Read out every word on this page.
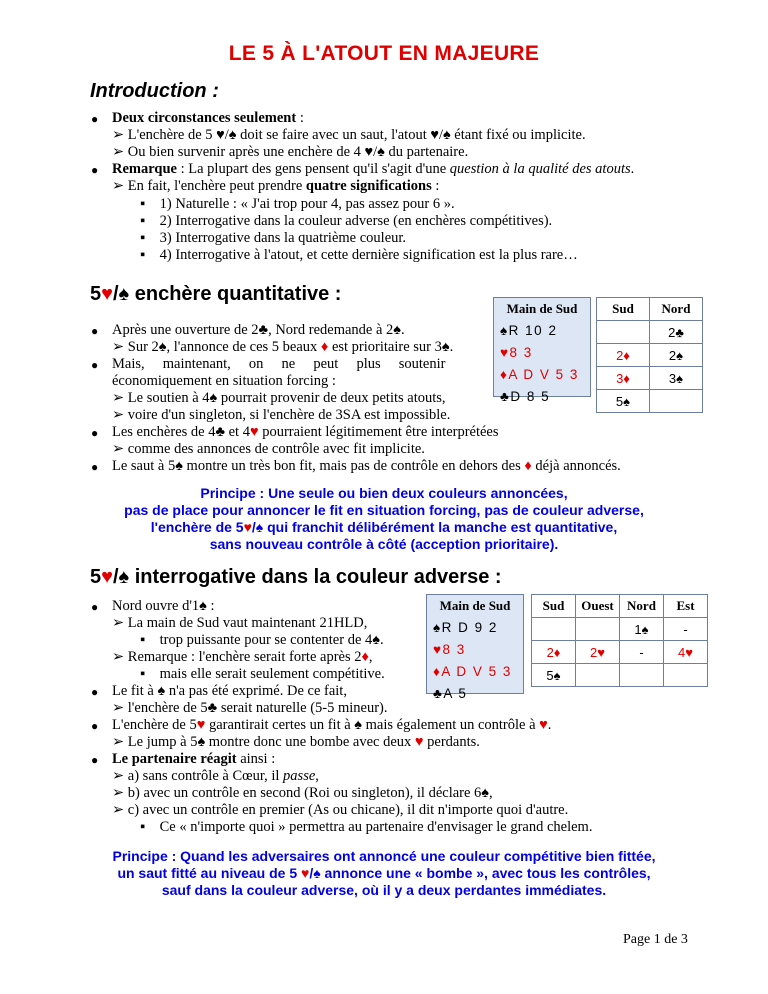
LE 5 À L'ATOUT EN MAJEURE
Introduction :
● Deux circonstances seulement :
➢ L'enchère de 5 ♥/♠ doit se faire avec un saut, l'atout ♥/♠ étant fixé ou implicite.
➢ Ou bien survenir après une enchère de 4 ♥/♠ du partenaire.
● Remarque : La plupart des gens pensent qu'il s'agit d'une question à la qualité des atouts.
➢ En fait, l'enchère peut prendre quatre significations :
▪    1) Naturelle : « J'ai trop pour 4, pas assez pour 6 ».
▪    2) Interrogative dans la couleur adverse (en enchères compétitives).
▪    3) Interrogative dans la quatrième couleur.
▪    4) Interrogative à l'atout, et cette dernière signification est la plus rare…
5♥/♠ enchère quantitative :
Main de Sud
♠R 10 2
♥8 3
♦A D V 5 3
♣D 8 5
Sud	Nord
	2♣
2♦	2♠
3♦	3♠
5♠	
● Après une ouverture de 2♣, Nord redemande à 2♠.
➢ Sur 2♠, l'annonce de ces 5 beaux ♦ est prioritaire sur 3♠.
● Mais,     maintenant,     on     ne     peut     plus     soutenir
économiquement en situation forcing :
➢ Le soutien à 4♠ pourrait provenir de deux petits atouts,
➢ voire d'un singleton, si l'enchère de 3SA est impossible.
● Les enchères de 4♣ et 4♥ pourraient légitimement être interprétées
➢ comme des annonces de contrôle avec fit implicite.
● Le saut à 5♠ montre un très bon fit, mais pas de contrôle en dehors des ♦ déjà annoncés.
Principe : Une seule ou bien deux couleurs annoncées,
pas de place pour annoncer le fit en situation forcing, pas de couleur adverse,
l'enchère de 5♥/♠ qui franchit délibérément la manche est quantitative,
sans nouveau contrôle à côté (acception prioritaire).
5♥/♠ interrogative dans la couleur adverse :
Main de Sud
♠R D 9 2
♥8 3
♦A D V 5 3
♣A 5
Sud	Ouest	Nord	Est
		1♠	-
2♦	2♥	-	4♥
5♠			
● Nord ouvre d'1♠ :
➢ La main de Sud vaut maintenant 21HLD,
▪    trop puissante pour se contenter de 4♠.
➢ Remarque : l'enchère serait forte après 2♦,
▪    mais elle serait seulement compétitive.
● Le fit à ♠ n'a pas été exprimé. De ce fait,
➢ l'enchère de 5♣ serait naturelle (5-5 mineur).
● L'enchère de 5♥ garantirait certes un fit à ♠ mais également un contrôle à ♥.
➢ Le jump à 5♠ montre donc une bombe avec deux ♥ perdants.
● Le partenaire réagit ainsi :
➢ a) sans contrôle à Cœur, il passe,
➢ b) avec un contrôle en second (Roi ou singleton), il déclare 6♠,
➢ c) avec un contrôle en premier (As ou chicane), il dit n'importe quoi d'autre.
▪    Ce « n'importe quoi » permettra au partenaire d'envisager le grand chelem.
Principe : Quand les adversaires ont annoncé une couleur compétitive bien fittée,
un saut fitté au niveau de 5 ♥/♠ annonce une « bombe », avec tous les contrôles,
sauf dans la couleur adverse, où il y a deux perdantes immédiates.
Page 1 de 3
